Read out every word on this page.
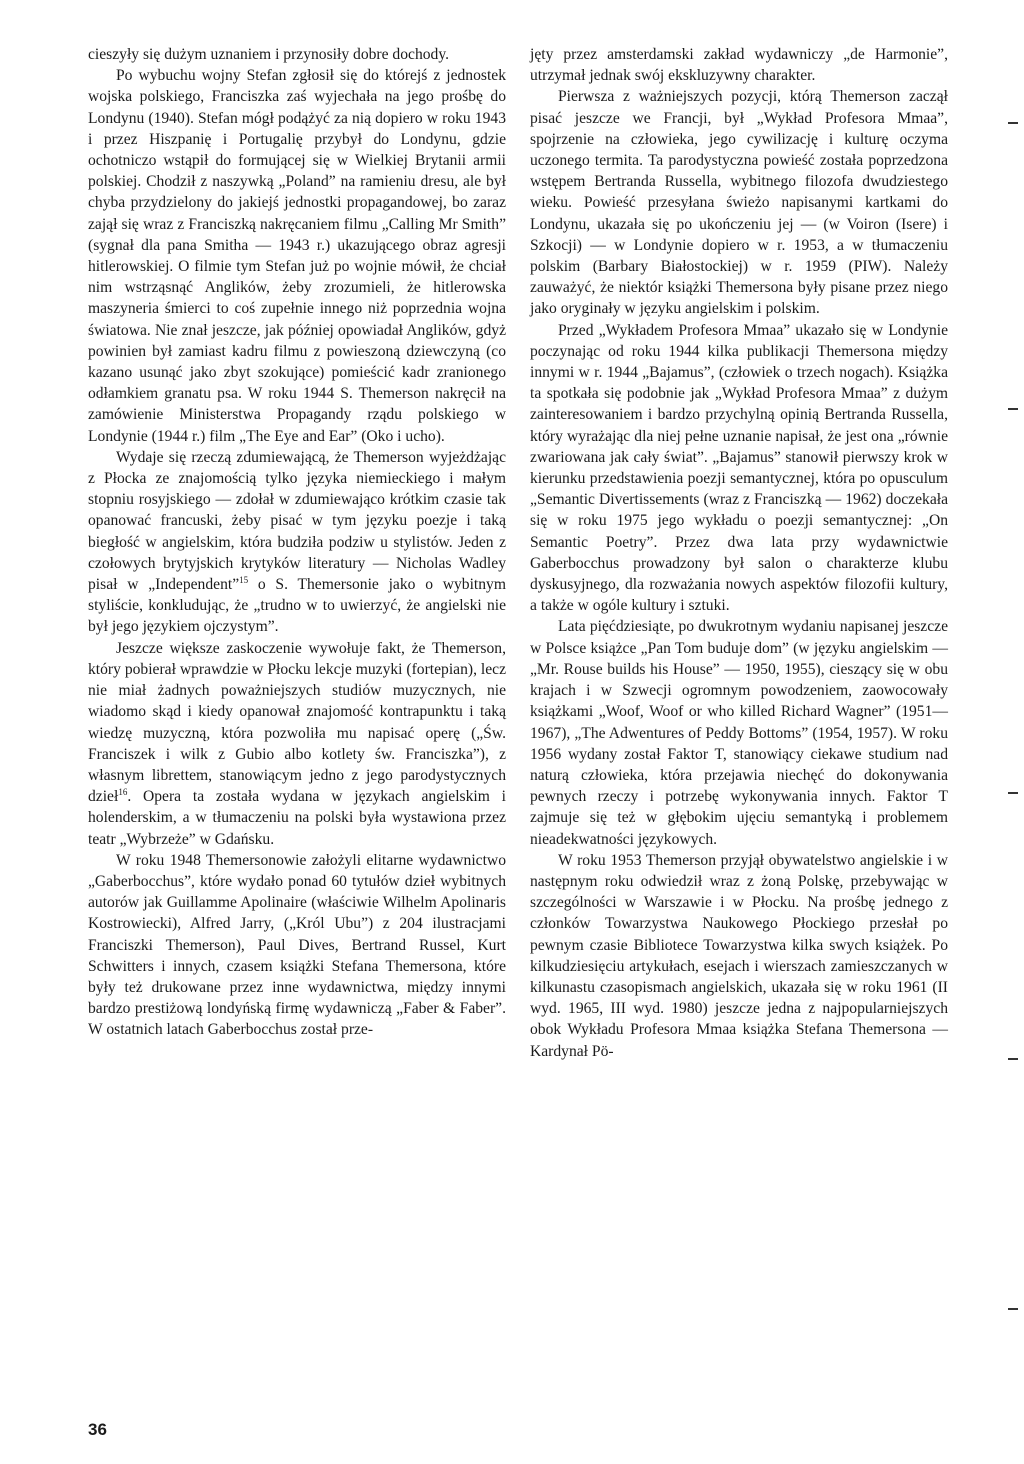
cieszyły się dużym uznaniem i przynosiły dobre dochody.

Po wybuchu wojny Stefan zgłosił się do którejś z jednostek wojska polskiego, Franciszka zaś wyjechała na jego prośbę do Londynu (1940). Stefan mógł podążyć za nią dopiero w roku 1943 i przez Hiszpanię i Portugalię przybył do Londynu, gdzie ochotniczo wstąpił do formującej się w Wielkiej Brytanii armii polskiej. Chodził z naszywką „Poland” na ramieniu dresu, ale był chyba przydzielony do jakiejś jednostki propagandowej, bo zaraz zajął się wraz z Franciszką nakręcaniem filmu „Calling Mr Smith” (sygnał dla pana Smitha — 1943 r.) ukazującego obraz agresji hitlerowskiej. O filmie tym Stefan już po wojnie mówił, że chciał nim wstrząsnąć Anglików, żeby zrozumieli, że hitlerowska maszyneria śmierci to coś zupełnie innego niż poprzednia wojna światowa. Nie znał jeszcze, jak później opowiadał Anglików, gdyż powinien był zamiast kadru filmu z powieszoną dziewczyną (co kazano usunąć jako zbyt szokujące) pomieścić kadr zranionego odłamkiem granatu psa. W roku 1944 S. Themerson nakręcił na zamówienie Ministerstwa Propagandy rządu polskiego w Londynie (1944 r.) film „The Eye and Ear” (Oko i ucho).

Wydaje się rzeczą zdumiewającą, że Themerson wyjeżdżając z Płocka ze znajomością tylko języka niemieckiego i małym stopniu rosyjskiego — zdołał w zdumiewająco krótkim czasie tak opanować francuski, żeby pisać w tym języku poezje i taką biegłość w angielskim, która budziła podziw u stylistów. Jeden z czołowych brytyjskich krytyków literatury — Nicholas Wadley pisał w „Independent”$^{15}$ o S. Themersonie jako o wybitnym styliście, konkludując, że „trudno w to uwierzyć, że angielski nie był jego językiem ojczystym”.

Jeszcze większe zaskoczenie wywołuje fakt, że Themerson, który pobierał wprawdzie w Płocku lekcje muzyki (fortepian), lecz nie miał żadnych poważniejszych studiów muzycznych, nie wiadomo skąd i kiedy opanował znajomość kontrapunktu i taką wiedzę muzyczną, która pozwoliła mu napisać operę („Św. Franciszek i wilk z Gubio albo kotlety św. Franciszka”), z własnym librettem, stanowiącym jedno z jego parodystycznych dzieł$^{16}$. Opera ta została wydana w językach angielskim i holenderskim, a w tłumaczeniu na polski była wystawiona przez teatr „Wybrzeże” w Gdańsku.

W roku 1948 Themersonowie założyli elitarne wydawnictwo „Gaberbocchus”, które wydało ponad 60 tytułów dzieł wybitnych autorów jak Guillamme Apolinaire (właściwie Wilhelm Apolinaris Kostrowiecki), Alfred Jarry, („Król Ubu”) z 204 ilustracjami Franciszki Themerson), Paul Dives, Bertrand Russel, Kurt Schwitters i innych, czasem książki Stefana Themersona, które były też drukowane przez inne wydawnictwa, między innymi bardzo prestiżową londyńską firmę wydawniczą „Faber & Faber”. W ostatnich latach Gaberbocchus został prze-

jęty przez amsterdamski zakład wydawniczy „de Harmonie”, utrzymał jednak swój ekskluzywny charakter.

Pierwsza z ważniejszych pozycji, którą Themerson zaczął pisać jeszcze we Francji, był „Wykład Profesora Mmaa”, spojrzenie na człowieka, jego cywilizację i kulturę oczyma uczonego termita. Ta parodystyczna powieść została poprzedzona wstępem Bertranda Russella, wybitnego filozofa dwudziestego wieku. Powieść przesyłana świeżo napisanymi kartkami do Londynu, ukazała się po ukończeniu jej — (w Voiron (Isere) i Szkocji) — w Londynie dopiero w r. 1953, a w tłumaczeniu polskim (Barbary Białostockiej) w r. 1959 (PIW). Należy zauważyć, że niektór książki Themersona były pisane przez niego jako oryginały w języku angielskim i polskim.

Przed „Wykładem Profesora Mmaa” ukazało się w Londynie poczynając od roku 1944 kilka publikacji Themersona między innymi w r. 1944 „Bajamus”, (człowiek o trzech nogach). Książka ta spotkała się podobnie jak „Wykład Profesora Mmaa” z dużym zainteresowaniem i bardzo przychylną opinią Bertranda Russella, który wyrażając dla niej pełne uznanie napisał, że jest ona „równie zwariowana jak cały świat”. „Bajamus” stanowił pierwszy krok w kierunku przedstawienia poezji semantycznej, która po opusculum „Semantic Divertissements (wraz z Franciszką — 1962) doczekała się w roku 1975 jego wykładu o poezji semantycznej: „On Semantic Poetry”. Przez dwa lata przy wydawnictwie Gaberbocchus prowadzony był salon o charakterze klubu dyskusyjnego, dla rozważania nowych aspektów filozofii kultury, a także w ogóle kultury i sztuki.

Lata pięćdziesiąte, po dwukrotnym wydaniu napisanej jeszcze w Polsce książce „Pan Tom buduje dom” (w języku angielskim — „Mr. Rouse builds his House” — 1950, 1955), cieszący się w obu krajach i w Szwecji ogromnym powodzeniem, zaowocowały książkami „Woof, Woof or who killed Richard Wagner” (1951—1967), „The Adwentures of Peddy Bottoms” (1954, 1957). W roku 1956 wydany został Faktor T, stanowiący ciekawe studium nad naturą człowieka, która przejawia niechęć do dokonywania pewnych rzeczy i potrzebę wykonywania innych. Faktor T zajmuje się też w głębokim ujęciu semantyką i problemem nieadekwatności językowych.

W roku 1953 Themerson przyjął obywatelstwo angielskie i w następnym roku odwiedził wraz z żoną Polskę, przebywając w szczególności w Warszawie i w Płocku. Na prośbę jednego z członków Towarzystwa Naukowego Płockiego przesłał po pewnym czasie Bibliotece Towarzystwa kilka swych książek. Po kilkudziesięciu artykułach, esejach i wierszach zamieszczanych w kilkunastu czasopismach angielskich, ukazała się w roku 1961 (II wyd. 1965, III wyd. 1980) jeszcze jedna z najpopularniejszych obok Wykładu Profesora Mmaa książka Stefana Themersona — Kardynał Pö-

36
